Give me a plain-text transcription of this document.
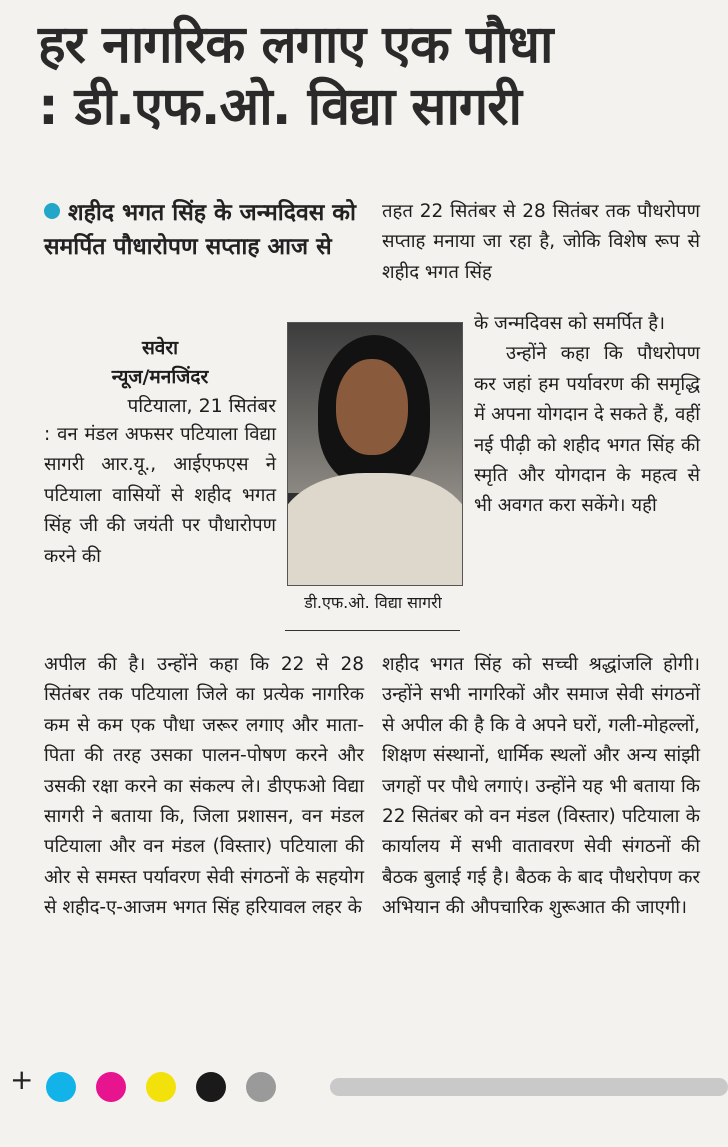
हर नागरिक लगाए एक पौधा
: डी.एफ.ओ. विद्या सागरी
शहीद भगत सिंह के जन्मदिवस को समर्पित पौधारोपण सप्ताह आज से
सवेरा
न्यूज/मनजिंदर
पटियाला, 21 सितंबर

: वन मंडल अफसर पटियाला विद्या सागरी आर.यू., आईएफएस ने पटियाला वासियों से शहीद भगत सिंह जी की जयंती पर पौधारोपण करने की

अपील की है। उन्होंने कहा कि 22 से 28 सितंबर तक पटियाला जिले का प्रत्येक नागरिक कम से कम एक पौधा जरूर लगाए और माता-पिता की तरह उसका पालन-पोषण करने और उसकी रक्षा करने का संकल्प ले। डीएफओ विद्या सागरी ने बताया कि, जिला प्रशासन, वन मंडल पटियाला और वन मंडल (विस्तार) पटियाला की ओर से समस्त पर्यावरण सेवी संगठनों के सहयोग से शहीद-ए-आजम भगत सिंह हरियावल लहर के

तहत 22 सितंबर से 28 सितंबर तक पौधरोपण सप्ताह मनाया जा रहा है, जोकि विशेष रूप से शहीद भगत सिंह

के जन्मदिवस को समर्पित है।

उन्होंने कहा कि पौधरोपण कर जहां हम पर्यावरण की समृद्धि में अपना योगदान दे सकते हैं, वहीं नई पीढ़ी को शहीद भगत सिंह की स्मृति और योगदान के महत्व से भी अवगत करा सकेंगे। यही

शहीद भगत सिंह को सच्ची श्रद्धांजलि होगी। उन्होंने सभी नागरिकों और समाज सेवी संगठनों से अपील की है कि वे अपने घरों, गली-मोहल्लों, शिक्षण संस्थानों, धार्मिक स्थलों और अन्य सांझी जगहों पर पौधे लगाएं। उन्होंने यह भी बताया कि 22 सितंबर को वन मंडल (विस्तार) पटियाला के कार्यालय में सभी वातावरण सेवी संगठनों की बैठक बुलाई गई है। बैठक के बाद पौधरोपण कर अभियान की औपचारिक शुरूआत की जाएगी।

डी.एफ.ओ. विद्या सागरी
+
